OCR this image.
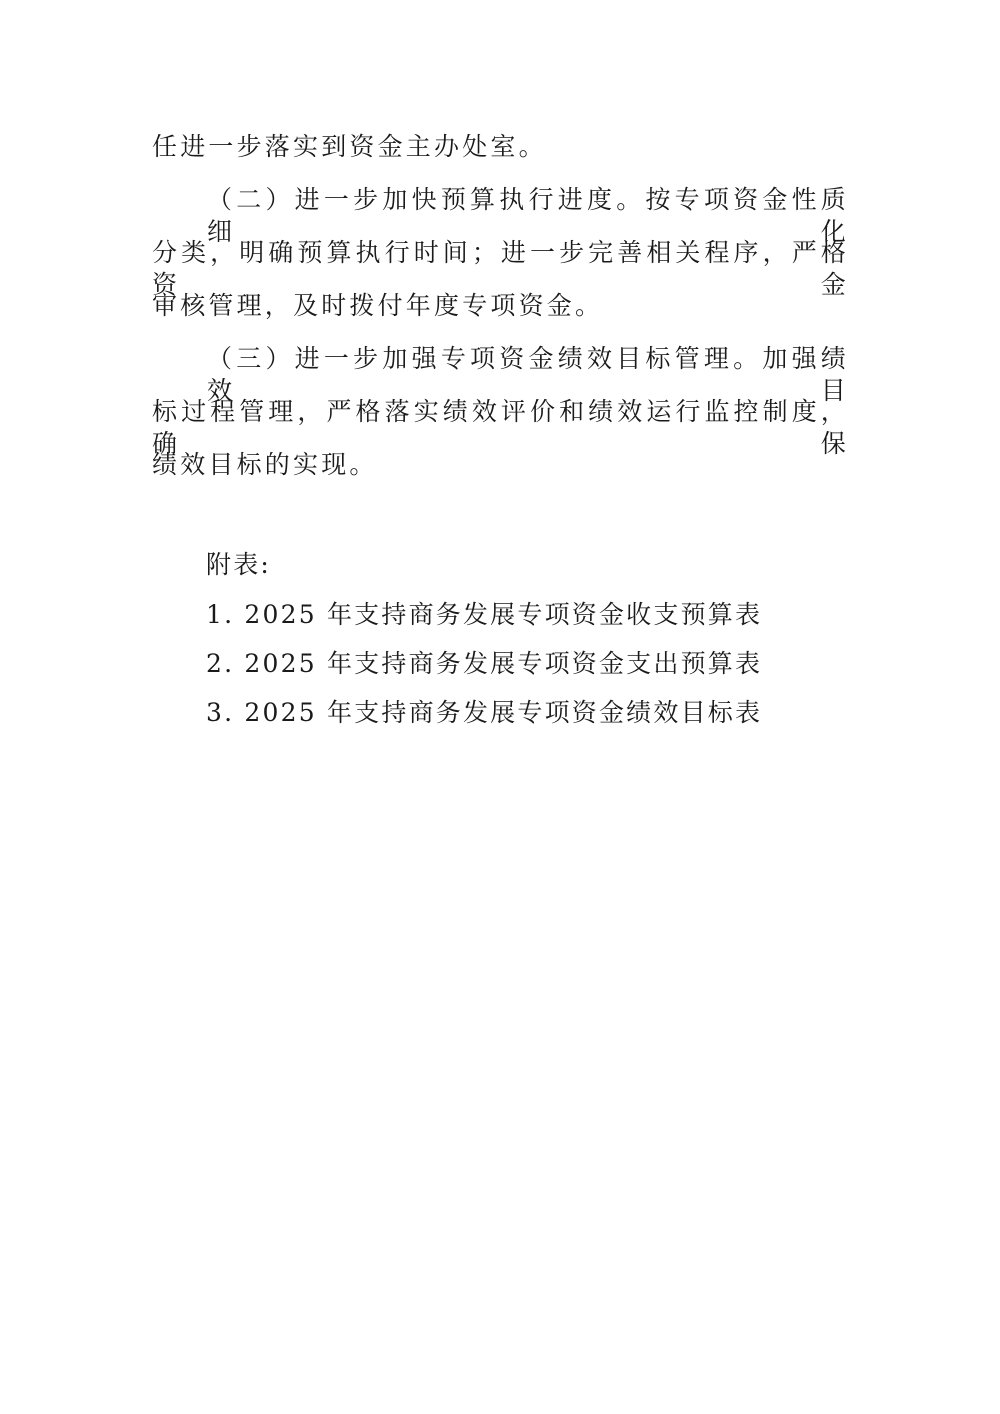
任进一步落实到资金主办处室。
（二）进一步加快预算执行进度。按专项资金性质细化
分类，明确预算执行时间；进一步完善相关程序，严格资金
审核管理，及时拨付年度专项资金。
（三）进一步加强专项资金绩效目标管理。加强绩效目
标过程管理，严格落实绩效评价和绩效运行监控制度，确保
绩效目标的实现。
附表:
1. 2025 年支持商务发展专项资金收支预算表
2. 2025 年支持商务发展专项资金支出预算表
3. 2025 年支持商务发展专项资金绩效目标表
